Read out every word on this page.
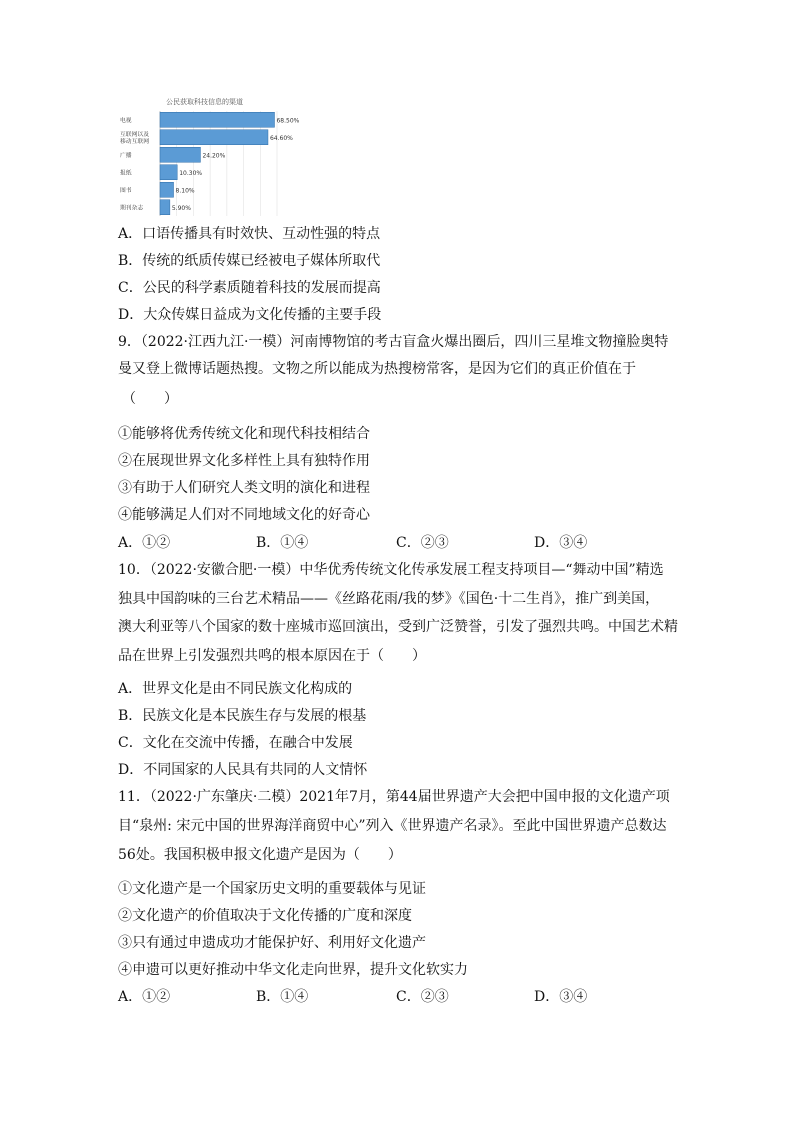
公民获取科技信息的渠道
68.50%
电视
64.60%
互联网以及
移动互联网
24.20%
广播
10.30%
报纸
8.10%
图书
5.90%
期刊杂志
A．口语传播具有时效快、互动性强的特点
B．传统的纸质传媒已经被电子媒体所取代
C．公民的科学素质随着科技的发展而提高
D．大众传媒日益成为文化传播的主要手段
9．（2022·江西九江·一模）河南博物馆的考古盲盒火爆出圈后，四川三星堆文物撞脸奥特
曼又登上微博话题热搜。文物之所以能成为热搜榜常客，是因为它们的真正价值在于
（　　）
①能够将优秀传统文化和现代科技相结合
②在展现世界文化多样性上具有独特作用
③有助于人们研究人类文明的演化和进程
④能够满足人们对不同地域文化的好奇心
A．①②	B．①④	C．②③	D．③④
10．（2022·安徽合肥·一模）中华优秀传统文化传承发展工程支持项目—“舞动中国”精选
独具中国韵味的三台艺术精品——《丝路花雨/我的梦》《国色·十二生肖》，推广到美国，
澳大利亚等八个国家的数十座城市巡回演出，受到广泛赞誉，引发了强烈共鸣。中国艺术精
品在世界上引发强烈共鸣的根本原因在于（　　）
A．世界文化是由不同民族文化构成的
B．民族文化是本民族生存与发展的根基
C．文化在交流中传播，在融合中发展
D．不同国家的人民具有共同的人文情怀
11．（2022·广东肇庆·二模）2021年7月，第44届世界遗产大会把中国申报的文化遗产项
目“泉州: 宋元中国的世界海洋商贸中心”列入《世界遗产名录》。至此中国世界遗产总数达
56处。我国积极申报文化遗产是因为（　　）
①文化遗产是一个国家历史文明的重要载体与见证
②文化遗产的价值取决于文化传播的广度和深度
③只有通过申遗成功才能保护好、利用好文化遗产
④申遗可以更好推动中华文化走向世界，提升文化软实力
A．①②	B．①④	C．②③	D．③④
